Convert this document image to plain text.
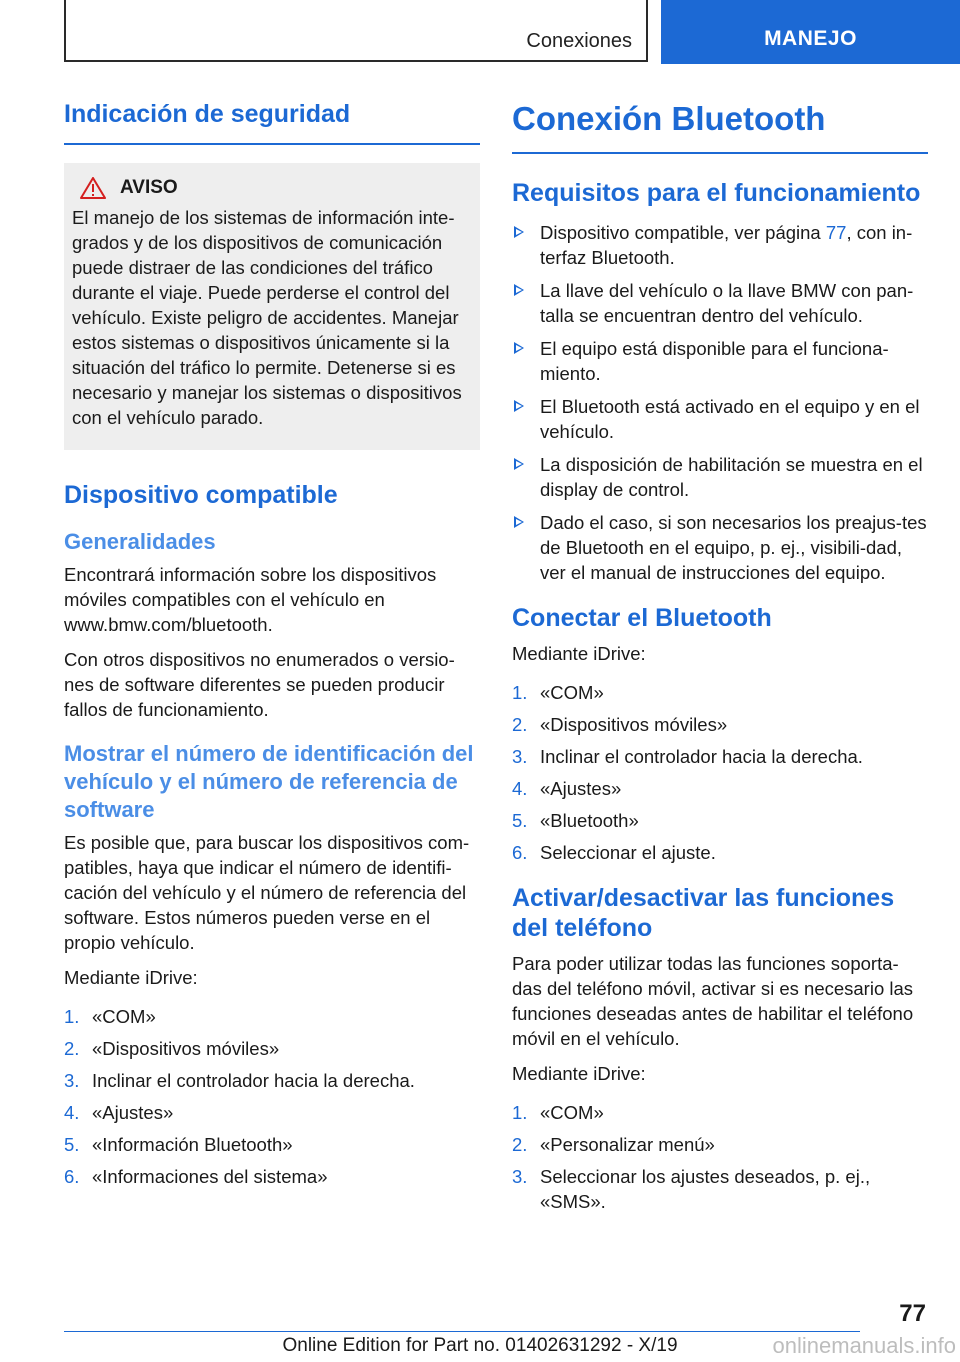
Conexiones	MANEJO
Indicación de seguridad
AVISO

El manejo de los sistemas de información inte-grados y de los dispositivos de comunicación puede distraer de las condiciones del tráfico durante el viaje. Puede perderse el control del vehículo. Existe peligro de accidentes. Manejar estos sistemas o dispositivos únicamente si la situación del tráfico lo permite. Detenerse si es necesario y manejar los sistemas o dispositivos con el vehículo parado.

Dispositivo compatible
Generalidades

Encontrará información sobre los dispositivos móviles compatibles con el vehículo en www.bmw.com/bluetooth.

Con otros dispositivos no enumerados o versio-nes de software diferentes se pueden producir fallos de funcionamiento.

Mostrar el número de identificación del vehículo y el número de referencia de software

Es posible que, para buscar los dispositivos com-patibles, haya que indicar el número de identifi-cación del vehículo y el número de referencia del software. Estos números pueden verse en el propio vehículo.

Mediante iDrive:

1. «COM»
2. «Dispositivos móviles»
3. Inclinar el controlador hacia la derecha.
4. «Ajustes»
5. «Información Bluetooth»
6. «Informaciones del sistema»
Conexión Bluetooth
Requisitos para el funcionamiento
Dispositivo compatible, ver página 77, con in-terfaz Bluetooth.
La llave del vehículo o la llave BMW con pan-talla se encuentran dentro del vehículo.
El equipo está disponible para el funciona-miento.
El Bluetooth está activado en el equipo y en el vehículo.
La disposición de habilitación se muestra en el display de control.
Dado el caso, si son necesarios los preajus-tes de Bluetooth en el equipo, p. ej., visibili-dad, ver el manual de instrucciones del equipo.
Conectar el Bluetooth

Mediante iDrive:

1. «COM»
2. «Dispositivos móviles»
3. Inclinar el controlador hacia la derecha.
4. «Ajustes»
5. «Bluetooth»
6. Seleccionar el ajuste.
Activar/desactivar las funciones del teléfono

Para poder utilizar todas las funciones soporta-das del teléfono móvil, activar si es necesario las funciones deseadas antes de habilitar el teléfono móvil en el vehículo.

Mediante iDrive:

1. «COM»
2. «Personalizar menú»
3. Seleccionar los ajustes deseados, p. ej., «SMS».
77
Online Edition for Part no. 01402631292 - X/19	onlinemanuals.info
